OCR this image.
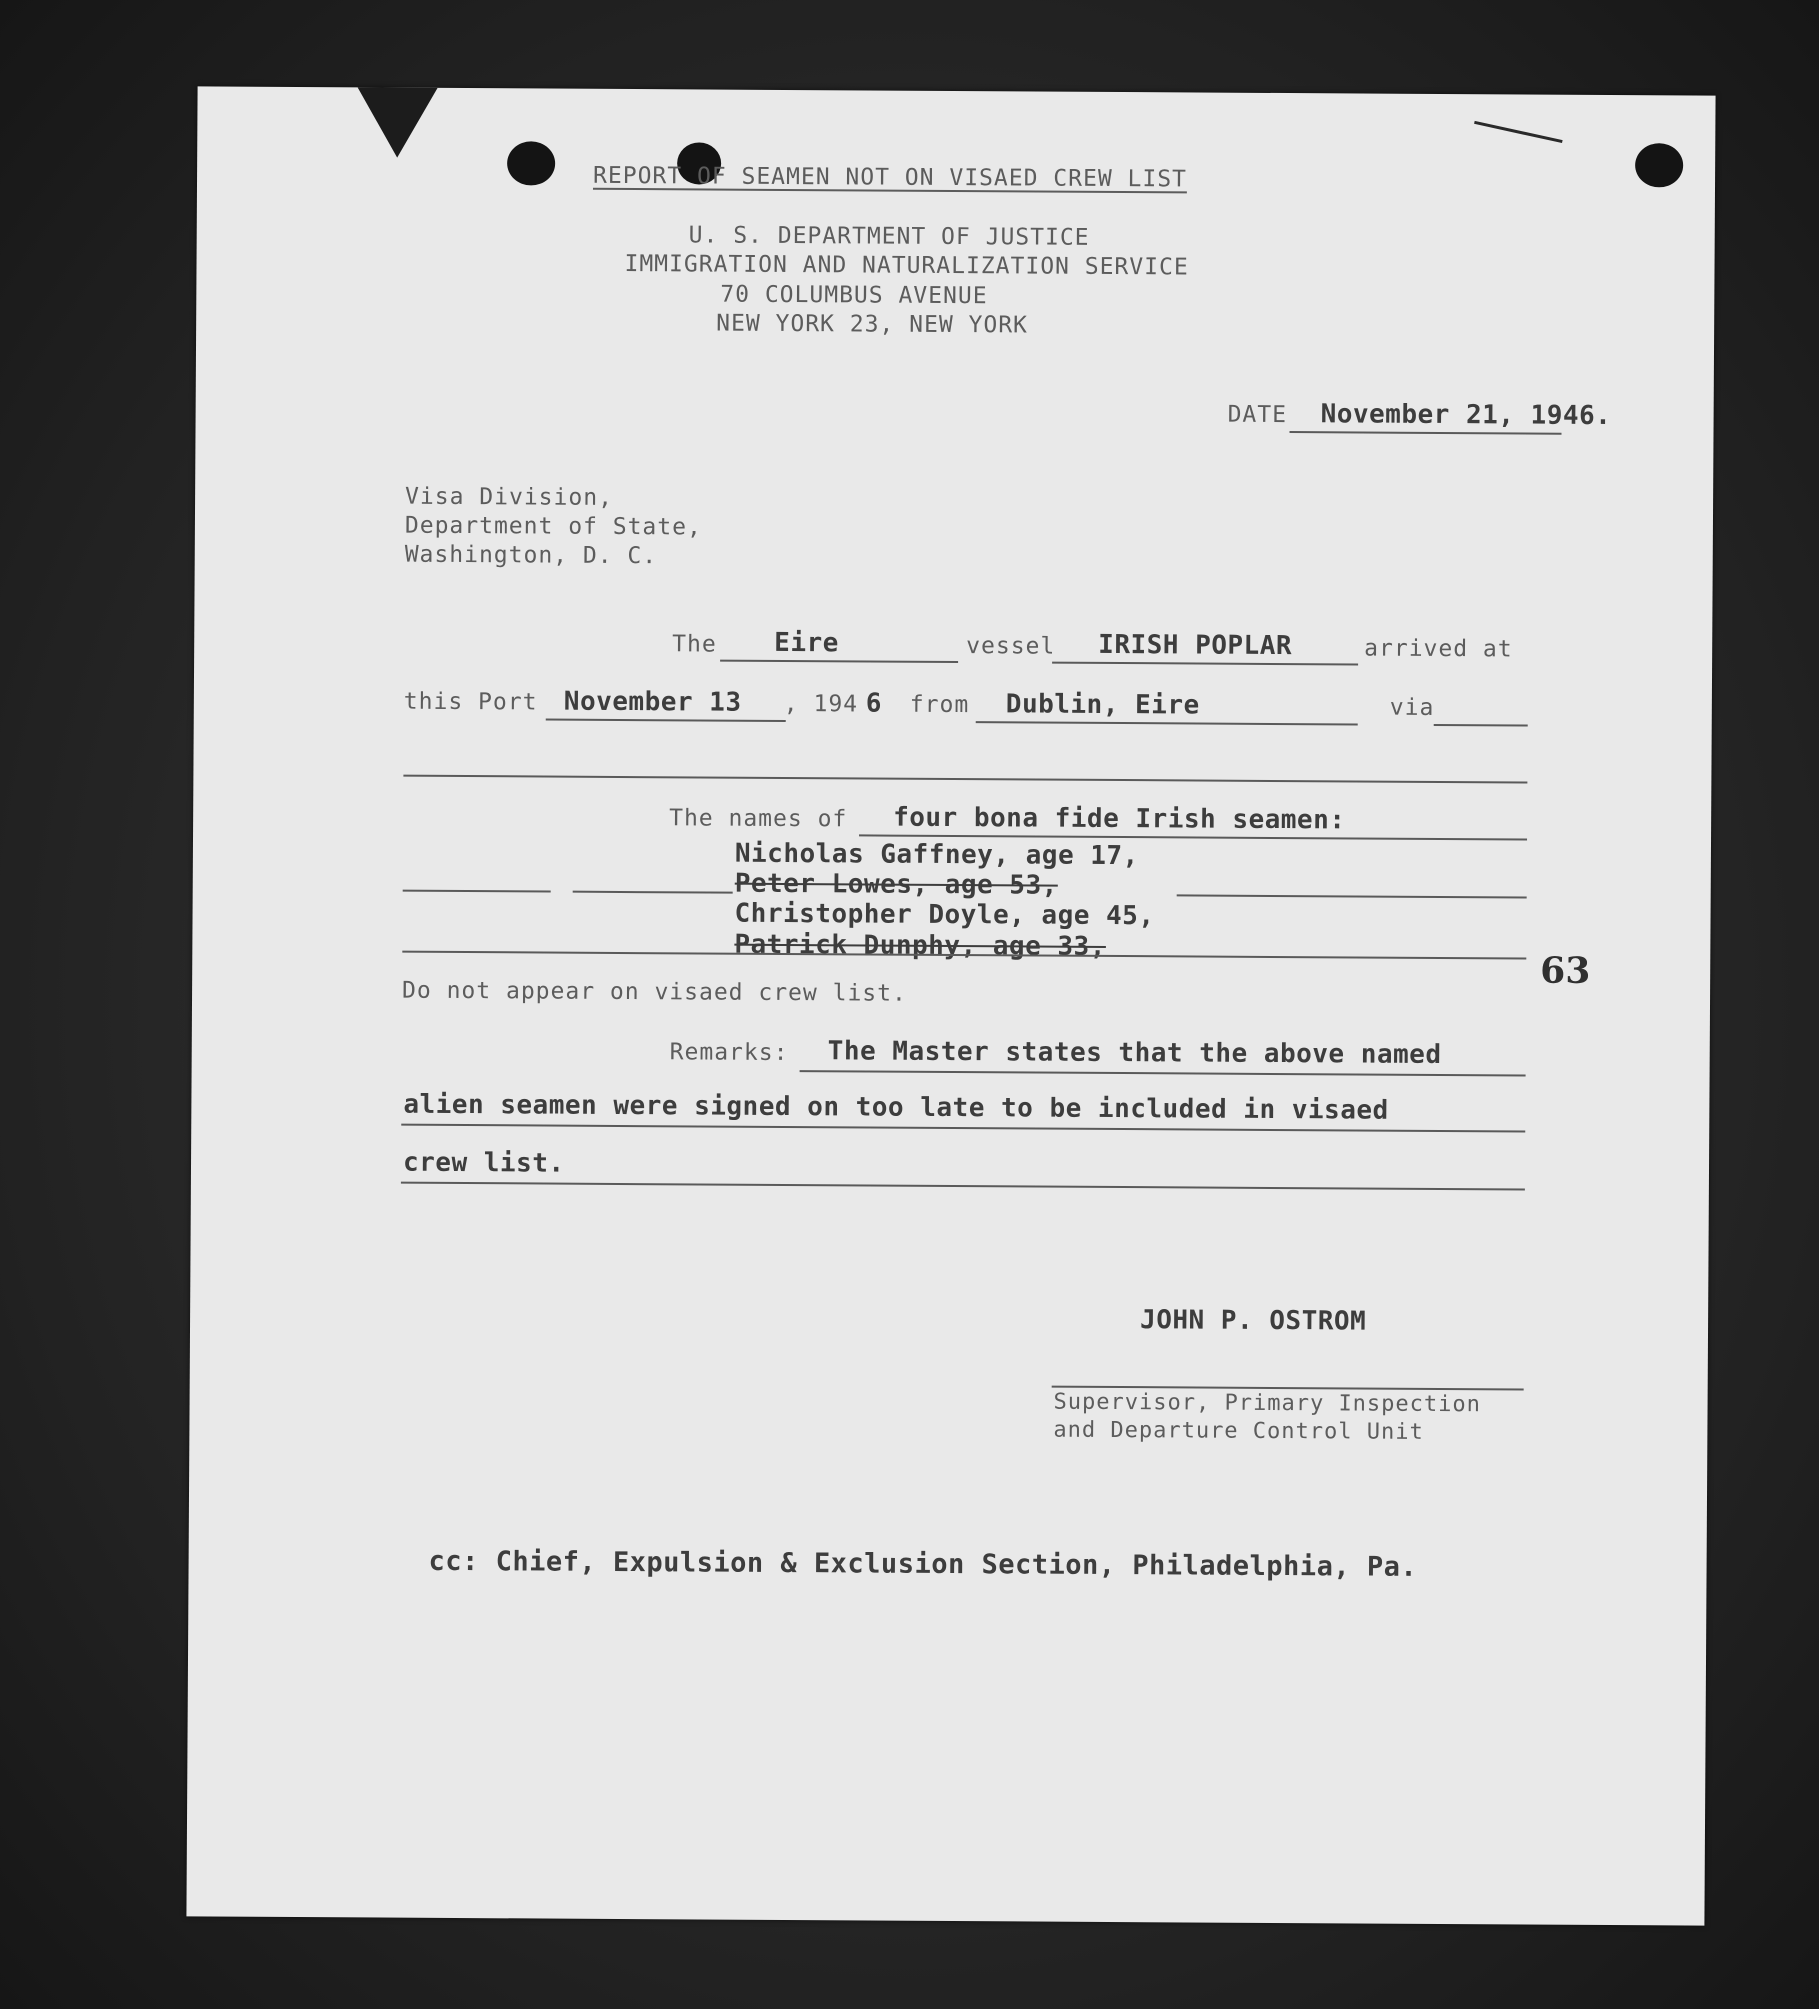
REPORT OF SEAMEN NOT ON VISAED CREW LIST
U. S. DEPARTMENT OF JUSTICE
IMMIGRATION AND NATURALIZATION SERVICE
70 COLUMBUS AVENUE
NEW YORK 23, NEW YORK
DATE November 21, 1946.
Visa Division,
Department of State,
Washington, D. C.
The Eire	vessel IRISH POPLAR	arrived at
this Port November 13 , 194 6 from Dublin, Eire	via
The names of four bona fide Irish seamen:
Nicholas Gaffney, age 17,
Peter Lowes, age 53,
Christopher Doyle, age 45,
Patrick Dunphy, age 33,
Do not appear on visaed crew list.
63
Remarks: The Master states that the above named
alien seamen were signed on too late to be included in visaed
crew list.
JOHN P. OSTROM
Supervisor, Primary Inspection
and Departure Control Unit
cc: Chief, Expulsion & Exclusion Section, Philadelphia, Pa.
